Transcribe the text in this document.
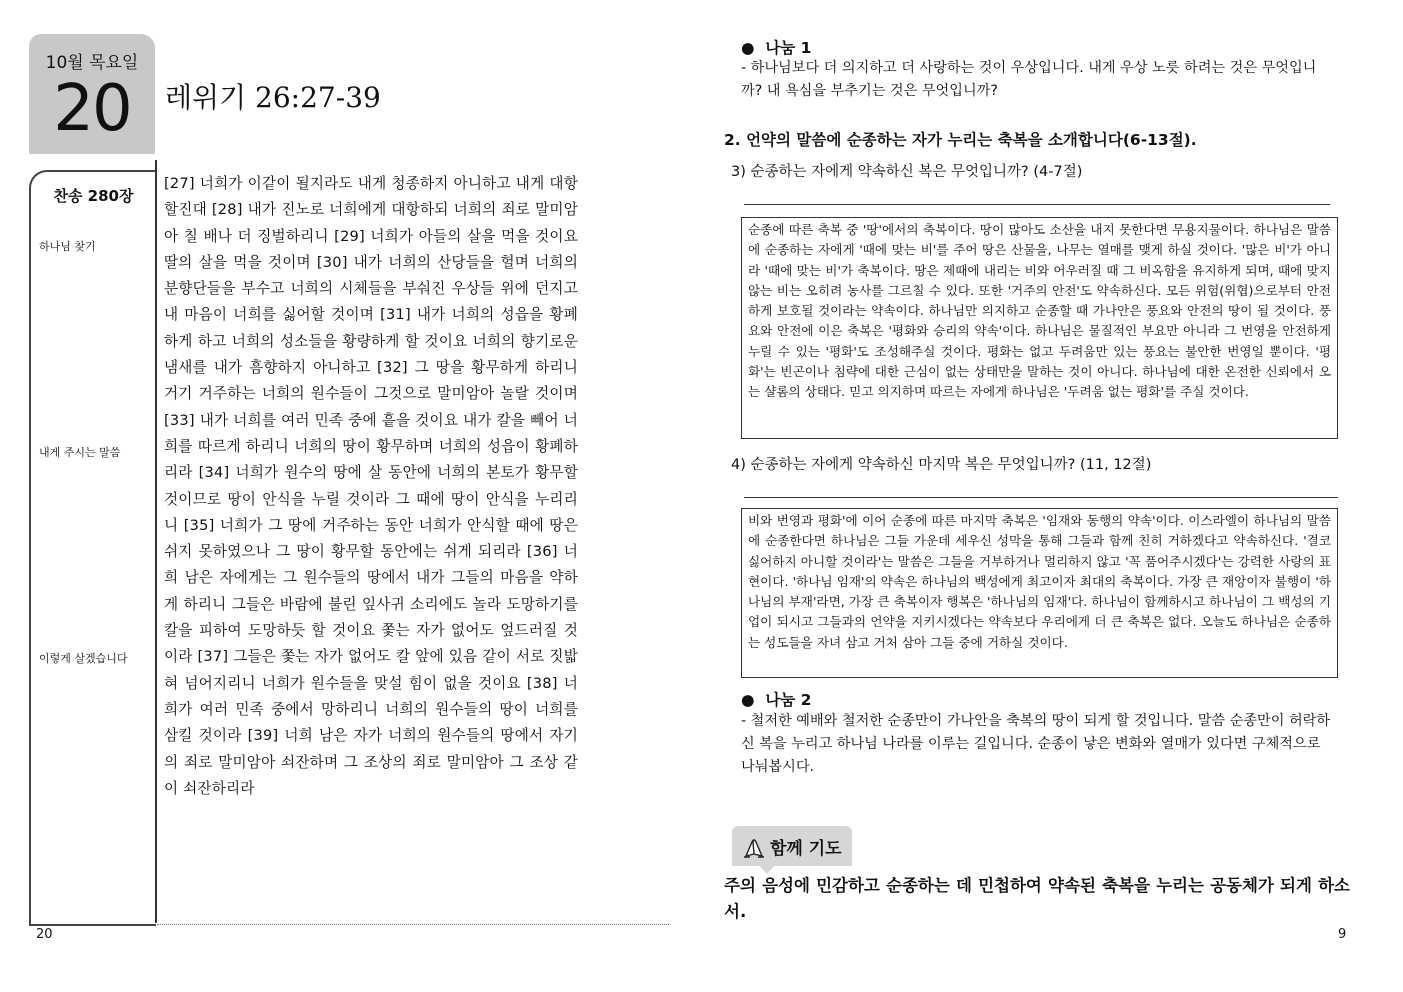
10월 목요일
20	레위기 26:27-39
찬송 280장
하나님 찾기
내게 주시는 말씀
이렇게 살겠습니다
[27] 너희가 이같이 될지라도 내게 청종하지 아니하고 내게 대항할진대 [28] 내가 진노로 너희에게 대항하되 너희의 죄로 말미암아 칠 배나 더 징벌하리니 [29] 너희가 아들의 살을 먹을 것이요 딸의 살을 먹을 것이며 [30] 내가 너희의 산당들을 헐며 너희의 분향단들을 부수고 너희의 시체들을 부숴진 우상들 위에 던지고 내 마음이 너희를 싫어할 것이며 [31] 내가 너희의 성읍을 황폐하게 하고 너희의 성소들을 황량하게 할 것이요 너희의 향기로운 냄새를 내가 흠향하지 아니하고 [32] 그 땅을 황무하게 하리니 거기 거주하는 너희의 원수들이 그것으로 말미암아 놀랄 것이며 [33] 내가 너희를 여러 민족 중에 흩을 것이요 내가 칼을 빼어 너희를 따르게 하리니 너희의 땅이 황무하며 너희의 성읍이 황폐하리라 [34] 너희가 원수의 땅에 살 동안에 너희의 본토가 황무할 것이므로 땅이 안식을 누릴 것이라 그 때에 땅이 안식을 누리리니 [35] 너희가 그 땅에 거주하는 동안 너희가 안식할 때에 땅은 쉬지 못하였으나 그 땅이 황무할 동안에는 쉬게 되리라 [36] 너희 남은 자에게는 그 원수들의 땅에서 내가 그들의 마음을 약하게 하리니 그들은 바람에 불린 잎사귀 소리에도 놀라 도망하기를 칼을 피하여 도망하듯 할 것이요 쫓는 자가 없어도 엎드러질 것이라 [37] 그들은 쫓는 자가 없어도 칼 앞에 있음 같이 서로 짓밟혀 넘어지리니 너희가 원수들을 맞설 힘이 없을 것이요 [38] 너희가 여러 민족 중에서 망하리니 너희의 원수들의 땅이 너희를 삼킬 것이라 [39] 너희 남은 자가 너희의 원수들의 땅에서 자기의 죄로 말미암아 쇠잔하며 그 조상의 죄로 말미암아 그 조상 같이 쇠잔하리라
20
●  나눔 1
- 하나님보다 더 의지하고 더 사랑하는 것이 우상입니다. 내게 우상 노릇 하려는 것은 무엇입니까? 내 욕심을 부추기는 것은 무엇입니까?
2. 언약의 말씀에 순종하는 자가 누리는 축복을 소개합니다(6-13절).
3) 순종하는 자에게 약속하신 복은 무엇입니까? (4-7절)
순종에 따른 축복 중 '땅'에서의 축복이다. 땅이 많아도 소산을 내지 못한다면 무용지물이다. 하나님은 말씀에 순종하는 자에게 '때에 맞는 비'를 주어 땅은 산물을, 나무는 열매를 맺게 하실 것이다. '많은 비'가 아니라 '때에 맞는 비'가 축복이다. 땅은 제때에 내리는 비와 어우러질 때 그 비옥함을 유지하게 되며, 때에 맞지 않는 비는 오히려 농사를 그르칠 수 있다. 또한 '거주의 안전'도 약속하신다. 모든 위험(위협)으로부터 안전하게 보호될 것이라는 약속이다. 하나님만 의지하고 순종할 때 가나안은 풍요와 안전의 땅이 될 것이다. 풍요와 안전에 이은 축복은 '평화와 승리의 약속'이다. 하나님은 물질적인 부요만 아니라 그 번영을 안전하게 누릴 수 있는 '평화'도 조성해주실 것이다. 평화는 없고 두려움만 있는 풍요는 불안한 번영일 뿐이다. '평화'는 빈곤이나 침략에 대한 근심이 없는 상태만을 말하는 것이 아니다. 하나님에 대한 온전한 신뢰에서 오는 샬롬의 상태다. 믿고 의지하며 따르는 자에게 하나님은 '두려움 없는 평화'를 주실 것이다.
4) 순종하는 자에게 약속하신 마지막 복은 무엇입니까? (11, 12절)
비와 번영과 평화'에 이어 순종에 따른 마지막 축복은 '임재와 동행의 약속'이다. 이스라엘이 하나님의 말씀에 순종한다면 하나님은 그들 가운데 세우신 성막을 통해 그들과 함께 친히 거하겠다고 약속하신다. '결코 싫어하지 아니할 것이라'는 말씀은 그들을 거부하거나 멀리하지 않고 '꼭 품어주시겠다'는 강력한 사랑의 표현이다. '하나님 임재'의 약속은 하나님의 백성에게 최고이자 최대의 축복이다. 가장 큰 재앙이자 불행이 '하나님의 부재'라면, 가장 큰 축복이자 행복은 '하나님의 임재'다. 하나님이 함께하시고 하나님이 그 백성의 기업이 되시고 그들과의 언약을 지키시겠다는 약속보다 우리에게 더 큰 축복은 없다. 오늘도 하나님은 순종하는 성도들을 자녀 삼고 거처 삼아 그들 중에 거하실 것이다.
●  나눔 2
- 철저한 예배와 철저한 순종만이 가나안을 축복의 땅이 되게 할 것입니다. 말씀 순종만이 허락하신 복을 누리고 하나님 나라를 이루는 길입니다. 순종이 낳은 변화와 열매가 있다면 구체적으로 나눠봅시다.
함께 기도
주의 음성에 민감하고 순종하는 데 민첩하여 약속된 축복을 누리는 공동체가 되게 하소서.
9
